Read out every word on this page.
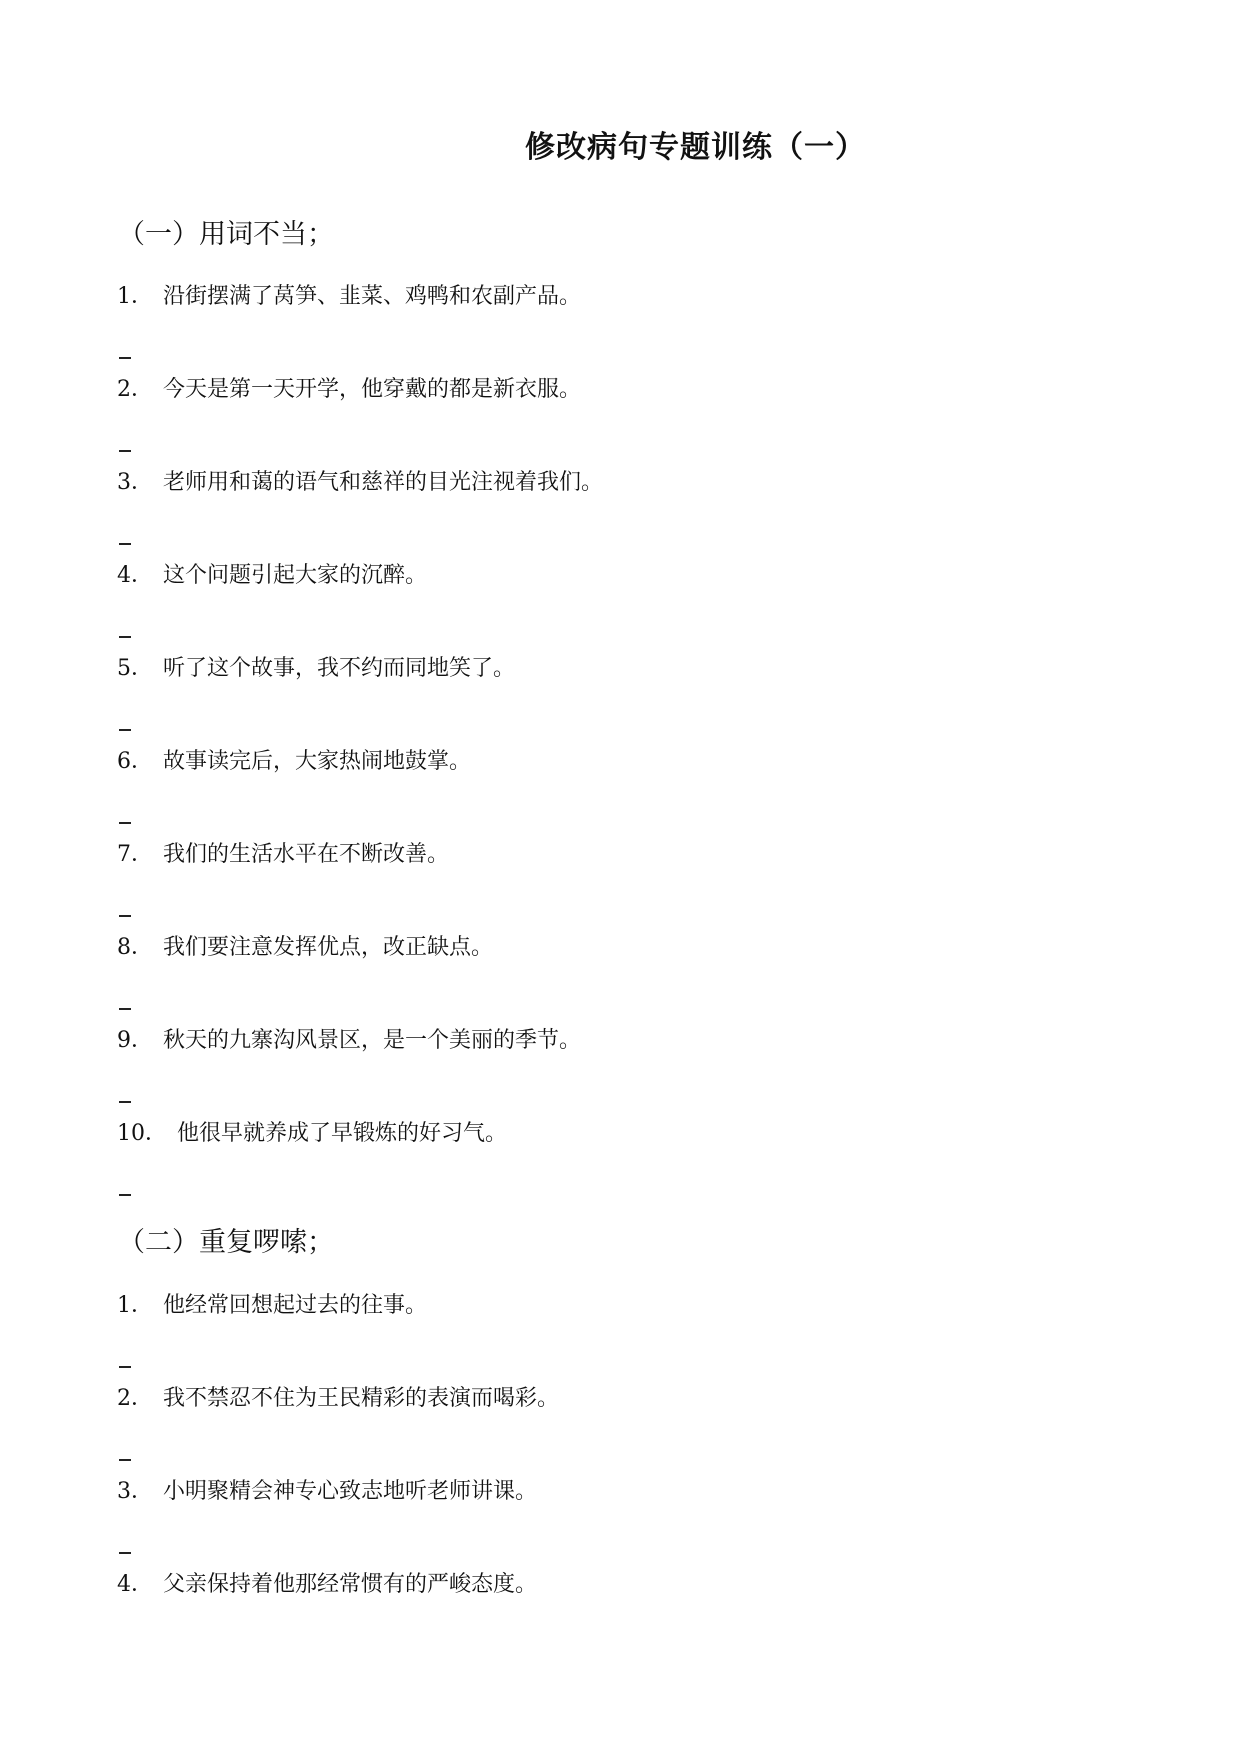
修改病句专题训练（一）
（一）用词不当；
1． 沿街摆满了莴笋、韭菜、鸡鸭和农副产品。
2． 今天是第一天开学，他穿戴的都是新衣服。
3． 老师用和蔼的语气和慈祥的目光注视着我们。
4． 这个问题引起大家的沉醉。
5． 听了这个故事，我不约而同地笑了。
6． 故事读完后，大家热闹地鼓掌。
7． 我们的生活水平在不断改善。
8． 我们要注意发挥优点，改正缺点。
9． 秋天的九寨沟风景区，是一个美丽的季节。
10． 他很早就养成了早锻炼的好习气。
（二）重复啰嗦；
1． 他经常回想起过去的往事。
2． 我不禁忍不住为王民精彩的表演而喝彩。
3． 小明聚精会神专心致志地听老师讲课。
4． 父亲保持着他那经常惯有的严峻态度。
